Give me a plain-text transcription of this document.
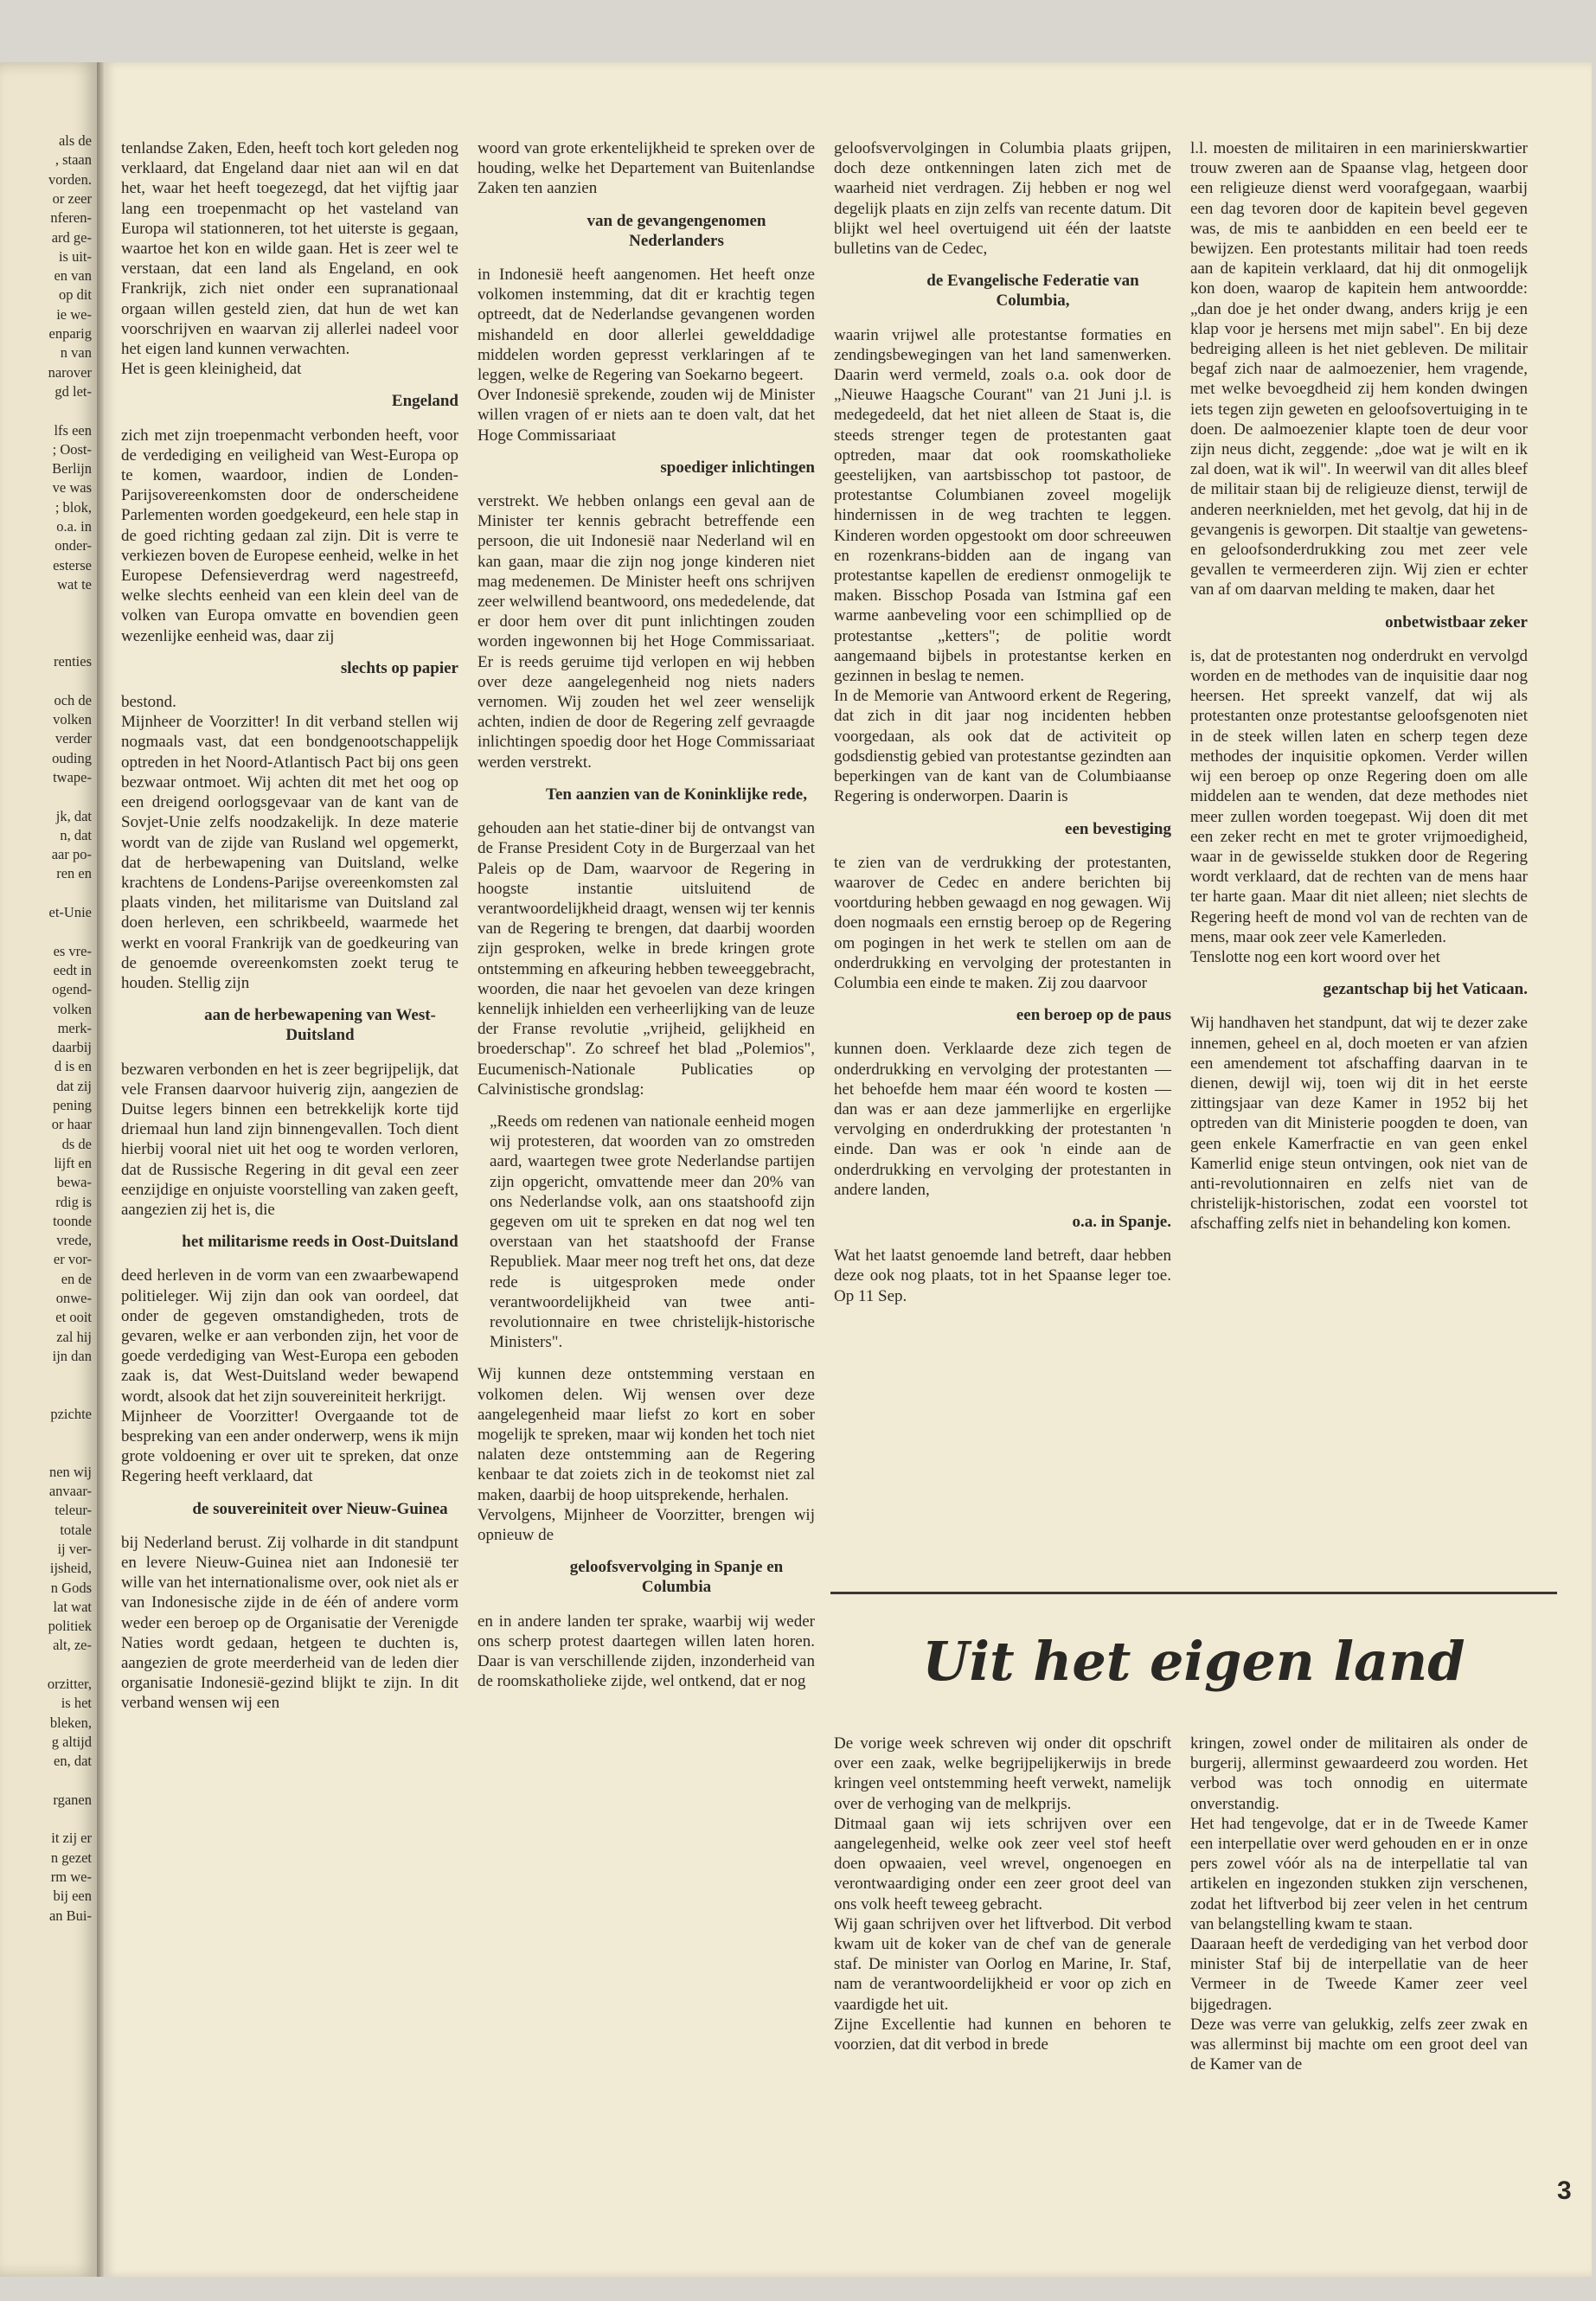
als de
, staan
vorden.
or zeer
nferen-
ard ge-
is uit-
en van
op dit
ie we-
enparig
n van
narover
gd let-
lfs een
; Oost-
Berlijn
ve was
; blok,
o.a. in
onder-
esterse
wat te
renties
och de
volken
verder
ouding
twape-
jk, dat
n, dat
aar po-
ren en
et-Unie
es vre-
eedt in
ogend-
volken
merk-
daarbij
d is en
dat zij
pening
or haar
ds de
lijft en
bewa-
rdig is
toonde
vrede,
er vor-
en de
onwe-
et ooit
zal hij
ijn dan
pzichte
nen wij
anvaar-
teleur-
totale
ij ver-
ijsheid,
n Gods
lat wat
politiek
alt, ze-
orzitter,
is het
bleken,
g altijd
en, dat
rganen
it zij er
n gezet
rm we-
bij een
an Bui-

tenlandse Zaken, Eden, heeft toch kort geleden nog verklaard, dat Engeland daar niet aan wil en dat het, waar het heeft toegezegd, dat het vijftig jaar lang een troepenmacht op het vasteland van Europa wil stationneren, tot het uiterste is gegaan, waartoe het kon en wilde gaan. Het is zeer wel te verstaan, dat een land als Engeland, en ook Frankrijk, zich niet onder een supranationaal orgaan willen gesteld zien, dat hun de wet kan voorschrijven en waarvan zij allerlei nadeel voor het eigen land kunnen verwachten.

Het is geen kleinigheid, dat

Engeland

zich met zijn troepenmacht verbonden heeft, voor de verdediging en veiligheid van West-Europa op te komen, waardoor, indien de Londen-Parijsovereenkomsten door de onderscheidene Parlementen worden goedgekeurd, een hele stap in de goed richting gedaan zal zijn. Dit is verre te verkiezen boven de Europese eenheid, welke in het Europese Defensieverdrag werd nagestreefd, welke slechts eenheid van een klein deel van de volken van Europa omvatte en bovendien geen wezenlijke eenheid was, daar zij

slechts op papier

bestond.

Mijnheer de Voorzitter! In dit verband stellen wij nogmaals vast, dat een bondgenootschappelijk optreden in het Noord-Atlantisch Pact bij ons geen bezwaar ontmoet. Wij achten dit met het oog op een dreigend oorlogsgevaar van de kant van de Sovjet-Unie zelfs noodzakelijk. In deze materie wordt van de zijde van Rusland wel opgemerkt, dat de herbewapening van Duitsland, welke krachtens de Londens-Parijse overeenkomsten zal plaats vinden, het militarisme van Duitsland zal doen herleven, een schrikbeeld, waarmede het werkt en vooral Frankrijk van de goedkeuring van de genoemde overeenkomsten zoekt terug te houden. Stellig zijn

aan de herbewapening van West-Duitsland

bezwaren verbonden en het is zeer begrijpelijk, dat vele Fransen daarvoor huiverig zijn, aangezien de Duitse legers binnen een betrekkelijk korte tijd driemaal hun land zijn binnengevallen. Toch dient hierbij vooral niet uit het oog te worden verloren, dat de Russische Regering in dit geval een zeer eenzijdige en onjuiste voorstelling van zaken geeft, aangezien zij het is, die

het militarisme reeds in Oost-Duitsland

deed herleven in de vorm van een zwaarbewapend politieleger. Wij zijn dan ook van oordeel, dat onder de gegeven omstandigheden, trots de gevaren, welke er aan verbonden zijn, het voor de goede verdediging van West-Europa een geboden zaak is, dat West-Duitsland weder bewapend wordt, alsook dat het zijn souvereiniteit herkrijgt.

Mijnheer de Voorzitter! Overgaande tot de bespreking van een ander onderwerp, wens ik mijn grote voldoening er over uit te spreken, dat onze Regering heeft verklaard, dat

de souvereiniteit over Nieuw-Guinea

bij Nederland berust. Zij volharde in dit standpunt en levere Nieuw-Guinea niet aan Indonesië ter wille van het internationalisme over, ook niet als er van Indonesische zijde in de één of andere vorm weder een beroep op de Organisatie der Verenigde Naties wordt gedaan, hetgeen te duchten is, aangezien de grote meerderheid van de leden dier organisatie Indonesië-gezind blijkt te zijn. In dit verband wensen wij een

woord van grote erkentelijkheid te spreken over de houding, welke het Departement van Buitenlandse Zaken ten aanzien

van de gevangengenomen Nederlanders

in Indonesië heeft aangenomen. Het heeft onze volkomen instemming, dat dit er krachtig tegen optreedt, dat de Nederlandse gevangenen worden mishandeld en door allerlei gewelddadige middelen worden gepresst verklaringen af te leggen, welke de Regering van Soekarno begeert.

Over Indonesië sprekende, zouden wij de Minister willen vragen of er niets aan te doen valt, dat het Hoge Commissariaat

spoediger inlichtingen

verstrekt. We hebben onlangs een geval aan de Minister ter kennis gebracht betreffende een persoon, die uit Indonesië naar Nederland wil en kan gaan, maar die zijn nog jonge kinderen niet mag medenemen. De Minister heeft ons schrijven zeer welwillend beantwoord, ons mededelende, dat er door hem over dit punt inlichtingen zouden worden ingewonnen bij het Hoge Commissariaat. Er is reeds geruime tijd verlopen en wij hebben over deze aangelegenheid nog niets naders vernomen. Wij zouden het wel zeer wenselijk achten, indien de door de Regering zelf gevraagde inlichtingen spoedig door het Hoge Commissariaat werden verstrekt.

Ten aanzien van de Koninklijke rede,

gehouden aan het statie-diner bij de ontvangst van de Franse President Coty in de Burgerzaal van het Paleis op de Dam, waarvoor de Regering in hoogste instantie uitsluitend de verantwoordelijkheid draagt, wensen wij ter kennis van de Regering te brengen, dat daarbij woorden zijn gesproken, welke in brede kringen grote ontstemming en afkeuring hebben teweeggebracht, woorden, die naar het gevoelen van deze kringen kennelijk inhielden een verheerlijking van de leuze der Franse revolutie „vrijheid, gelijkheid en broederschap". Zo schreef het blad „Polemios", Eucumenisch-Nationale Publicaties op Calvinistische grondslag:

„Reeds om redenen van nationale eenheid mogen wij protesteren, dat woorden van zo omstreden aard, waartegen twee grote Nederlandse partijen zijn opgericht, omvattende meer dan 20% van ons Nederlandse volk, aan ons staatshoofd zijn gegeven om uit te spreken en dat nog wel ten overstaan van het staatshoofd der Franse Republiek. Maar meer nog treft het ons, dat deze rede is uitgesproken mede onder verantwoordelijkheid van twee anti-revolutionnaire en twee christelijk-historische Ministers".

Wij kunnen deze ontstemming verstaan en volkomen delen. Wij wensen over deze aangelegenheid maar liefst zo kort en sober mogelijk te spreken, maar wij konden het toch niet nalaten deze ontstemming aan de Regering kenbaar te dat zoiets zich in de teokomst niet zal maken, daarbij de hoop uitsprekende, herhalen.

Vervolgens, Mijnheer de Voorzitter, brengen wij opnieuw de

geloofsvervolging in Spanje en Columbia

en in andere landen ter sprake, waarbij wij weder ons scherp protest daartegen willen laten horen. Daar is van verschillende zijden, inzonderheid van de roomskatholieke zijde, wel ontkend, dat er nog

geloofsvervolgingen in Columbia plaats grijpen, doch deze ontkenningen laten zich met de waarheid niet verdragen. Zij hebben er nog wel degelijk plaats en zijn zelfs van recente datum. Dit blijkt wel heel overtuigend uit één der laatste bulletins van de Cedec,

de Evangelische Federatie van Columbia,

waarin vrijwel alle protestantse formaties en zendingsbewegingen van het land samenwerken. Daarin werd vermeld, zoals o.a. ook door de „Nieuwe Haagsche Courant" van 21 Juni j.l. is medegedeeld, dat het niet alleen de Staat is, die steeds strenger tegen de protestanten gaat optreden, maar dat ook roomskatholieke geestelijken, van aartsbisschop tot pastoor, de protestantse Columbianen zoveel mogelijk hindernissen in de weg trachten te leggen. Kinderen worden opgestookt om door schreeuwen en rozenkrans-bidden aan de ingang van protestantse kapellen de erediensт onmogelijk te maken. Bisschop Posada van Istmina gaf een warme aanbeveling voor een schimpllied op de protestantse „ketters"; de politie wordt aangemaand bijbels in protestantse kerken en gezinnen in beslag te nemen.

In de Memorie van Antwoord erkent de Regering, dat zich in dit jaar nog incidenten hebben voorgedaan, als ook dat de activiteit op godsdienstig gebied van protestantse gezindten aan beperkingen van de kant van de Columbiaanse Regering is onderworpen. Daarin is

een bevestiging

te zien van de verdrukking der protestanten, waarover de Cedec en andere berichten bij voortduring hebben gewaagd en nog gewagen. Wij doen nogmaals een ernstig beroep op de Regering om pogingen in het werk te stellen om aan de onderdrukking en vervolging der protestanten in Columbia een einde te maken. Zij zou daarvoor

een beroep op de paus

kunnen doen. Verklaarde deze zich tegen de onderdrukking en vervolging der protestanten — het behoefde hem maar één woord te kosten — dan was er aan deze jammerlijke en ergerlijke vervolging en onderdrukking der protestanten 'n einde. Dan was er ook 'n einde aan de onderdrukking en vervolging der protestanten in andere landen,

o.a. in Spanje.

Wat het laatst genoemde land betreft, daar hebben deze ook nog plaats, tot in het Spaanse leger toe. Op 11 Sep.

l.l. moesten de militairen in een marinierskwartier trouw zweren aan de Spaanse vlag, hetgeen door een religieuze dienst werd voorafgegaan, waarbij een dag tevoren door de kapitein bevel gegeven was, de mis te aanbidden en een beeld eer te bewijzen. Een protestants militair had toen reeds aan de kapitein verklaard, dat hij dit onmogelijk kon doen, waarop de kapitein hem antwoordde: „dan doe je het onder dwang, anders krijg je een klap voor je hersens met mijn sabel". En bij deze bedreiging alleen is het niet gebleven. De militair begaf zich naar de aalmoezenier, hem vragende, met welke bevoegdheid zij hem konden dwingen iets tegen zijn geweten en geloofsovertuiging in te doen. De aalmoezenier klapte toen de deur voor zijn neus dicht, zeggende: „doe wat je wilt en ik zal doen, wat ik wil". In weerwil van dit alles bleef de militair staan bij de religieuze dienst, terwijl de anderen neerknielden, met het gevolg, dat hij in de gevangenis is geworpen. Dit staaltje van gewetens- en geloofsonderdrukking zou met zeer vele gevallen te vermeerderen zijn. Wij zien er echter van af om daarvan melding te maken, daar het

onbetwistbaar zeker

is, dat de protestanten nog onderdrukt en vervolgd worden en de methodes van de inquisitie daar nog heersen. Het spreekt vanzelf, dat wij als protestanten onze protestantse geloofsgenoten niet in de steek willen laten en scherp tegen deze methodes der inquisitie opkomen. Verder willen wij een beroep op onze Regering doen om alle middelen aan te wenden, dat deze methodes niet meer zullen worden toegepast. Wij doen dit met een zeker recht en met te groter vrijmoedigheid, waar in de gewisselde stukken door de Regering wordt verklaard, dat de rechten van de mens haar ter harte gaan. Maar dit niet alleen; niet slechts de Regering heeft de mond vol van de rechten van de mens, maar ook zeer vele Kamerleden.

Tenslotte nog een kort woord over het

gezantschap bij het Vaticaan.

Wij handhaven het standpunt, dat wij te dezer zake innemen, geheel en al, doch moeten er van afzien een amendement tot afschaffing daarvan in te dienen, dewijl wij, toen wij dit in het eerste zittingsjaar van deze Kamer in 1952 bij het optreden van dit Ministerie poogden te doen, van geen enkele Kamerfractie en van geen enkel Kamerlid enige steun ontvingen, ook niet van de anti-revolutionnairen en zelfs niet van de christelijk-historischen, zodat een voorstel tot afschaffing zelfs niet in behandeling kon komen.

Uit het eigen land

De vorige week schreven wij onder dit opschrift over een zaak, welke begrijpelijkerwijs in brede kringen veel ontstemming heeft verwekt, namelijk over de verhoging van de melkprijs.

Ditmaal gaan wij iets schrijven over een aangelegenheid, welke ook zeer veel stof heeft doen opwaaien, veel wrevel, ongenoegen en verontwaardiging onder een zeer groot deel van ons volk heeft teweeg gebracht.

Wij gaan schrijven over het liftverbod. Dit verbod kwam uit de koker van de chef van de generale staf. De minister van Oorlog en Marine, Ir. Staf, nam de verantwoordelijkheid er voor op zich en vaardigde het uit.

Zijne Excellentie had kunnen en behoren te voorzien, dat dit verbod in brede

kringen, zowel onder de militairen als onder de burgerij, allerminst gewaardeerd zou worden. Het verbod was toch onnodig en uitermate onverstandig.

Het had tengevolge, dat er in de Tweede Kamer een interpellatie over werd gehouden en er in onze pers zowel vóór als na de interpellatie tal van artikelen en ingezonden stukken zijn verschenen, zodat het liftverbod bij zeer velen in het centrum van belangstelling kwam te staan.

Daaraan heeft de verdediging van het verbod door minister Staf bij de interpellatie van de heer Vermeer in de Tweede Kamer zeer veel bijgedragen.

Deze was verre van gelukkig, zelfs zeer zwak en was allerminst bij machte om een groot deel van de Kamer van de

3
